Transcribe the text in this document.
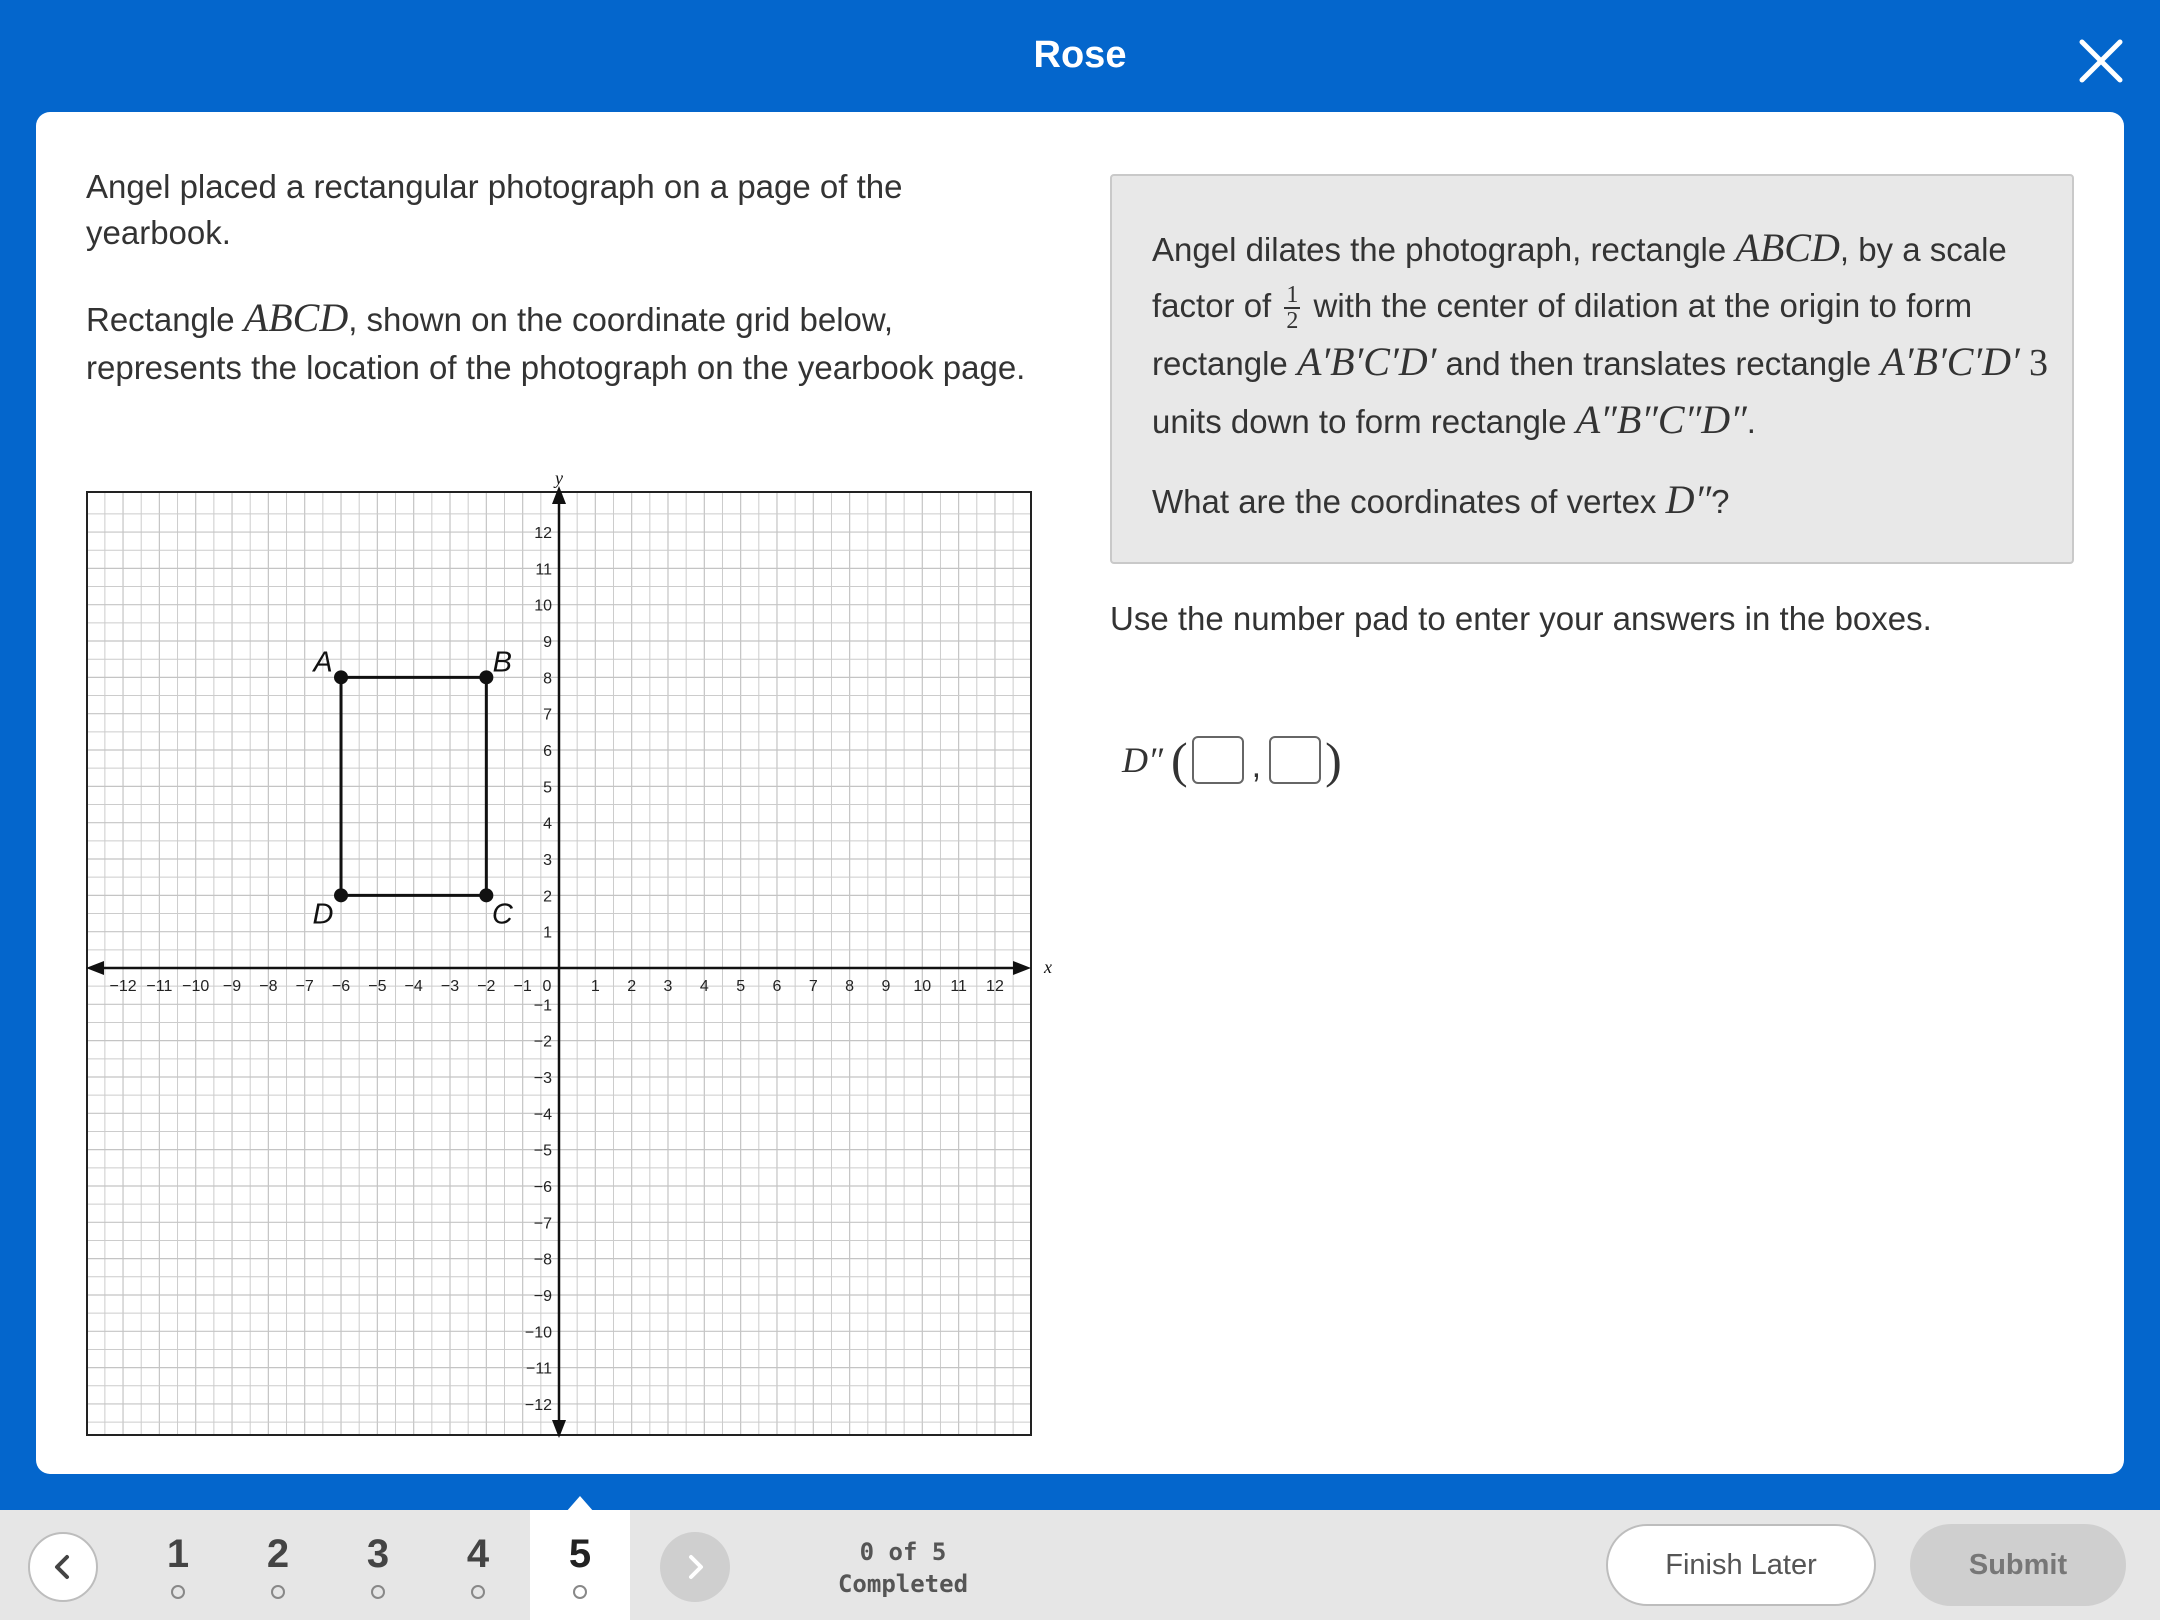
Rose
Angel placed a rectangular photograph on a page of the yearbook.
Rectangle ABCD, shown on the coordinate grid below, represents the location of the photograph on the yearbook page.
x
y
−12 −11 −10 −9 −8 −7 −6 −5 −4 −3 −2 −1 0 1 2 3 4 5 6 7 8 9 10 11 12
−12
−11
−10
−9
−8
−7
−6
−5
−4
−3
−2
−1
1
2
3
4
5
6
7
8
9
10
11
12
A	B
C
D
Angel dilates the photograph, rectangle ABCD, by a scale factor of $\frac{1}{2}$ with the center of dilation at the origin to form rectangle A′B′C′D′ and then translates rectangle A′B′C′D′ 3 units down to form rectangle A″B″C″D″.
What are the coordinates of vertex D″?
Use the number pad to enter your answers in the boxes.
D″ ( , )
1	2	3	4	5	0 of 5
Completed
Finish Later	Submit
